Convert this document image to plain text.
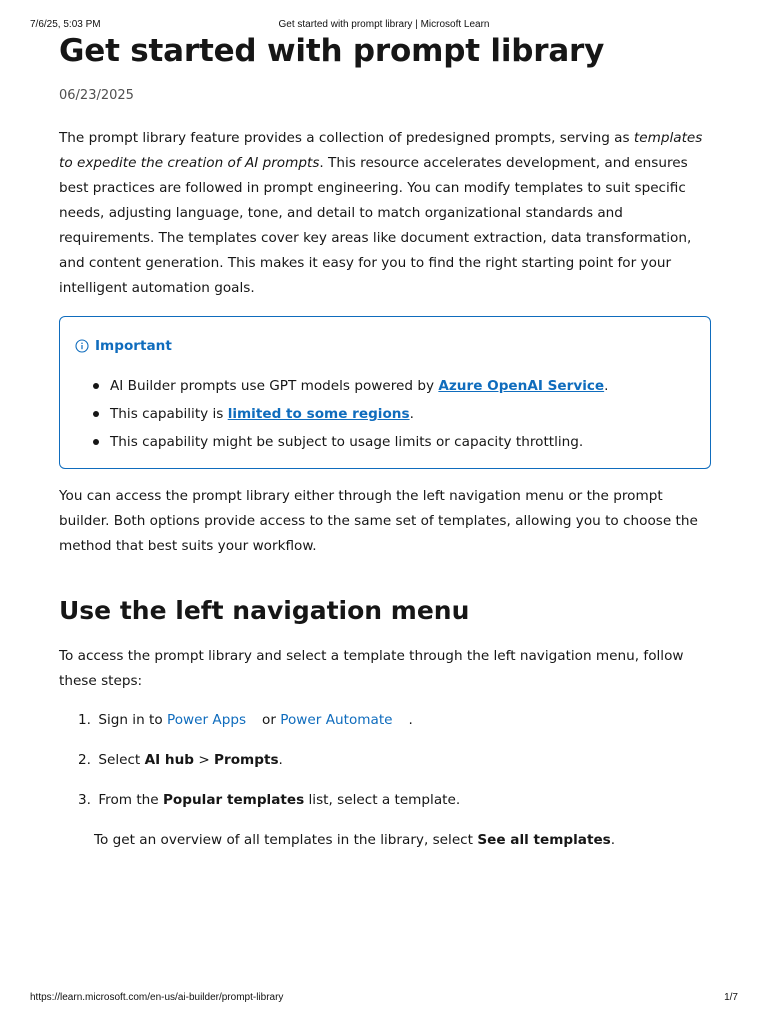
7/6/25, 5:03 PM	Get started with prompt library | Microsoft Learn
Get started with prompt library
06/23/2025

The prompt library feature provides a collection of predesigned prompts, serving as templates to expedite the creation of AI prompts. This resource accelerates development, and ensures best practices are followed in prompt engineering. You can modify templates to suit specific needs, adjusting language, tone, and detail to match organizational standards and requirements. The templates cover key areas like document extraction, data transformation, and content generation. This makes it easy for you to find the right starting point for your intelligent automation goals.

Important
AI Builder prompts use GPT models powered by Azure OpenAI Service.
This capability is limited to some regions.
This capability might be subject to usage limits or capacity throttling.

You can access the prompt library either through the left navigation menu or the prompt builder. Both options provide access to the same set of templates, allowing you to choose the method that best suits your workflow.

Use the left navigation menu

To access the prompt library and select a template through the left navigation menu, follow these steps:

1. Sign in to Power Apps or Power Automate .
2. Select AI hub > Prompts.
3. From the Popular templates list, select a template.

To get an overview of all templates in the library, select See all templates.

https://learn.microsoft.com/en-us/ai-builder/prompt-library	1/7
